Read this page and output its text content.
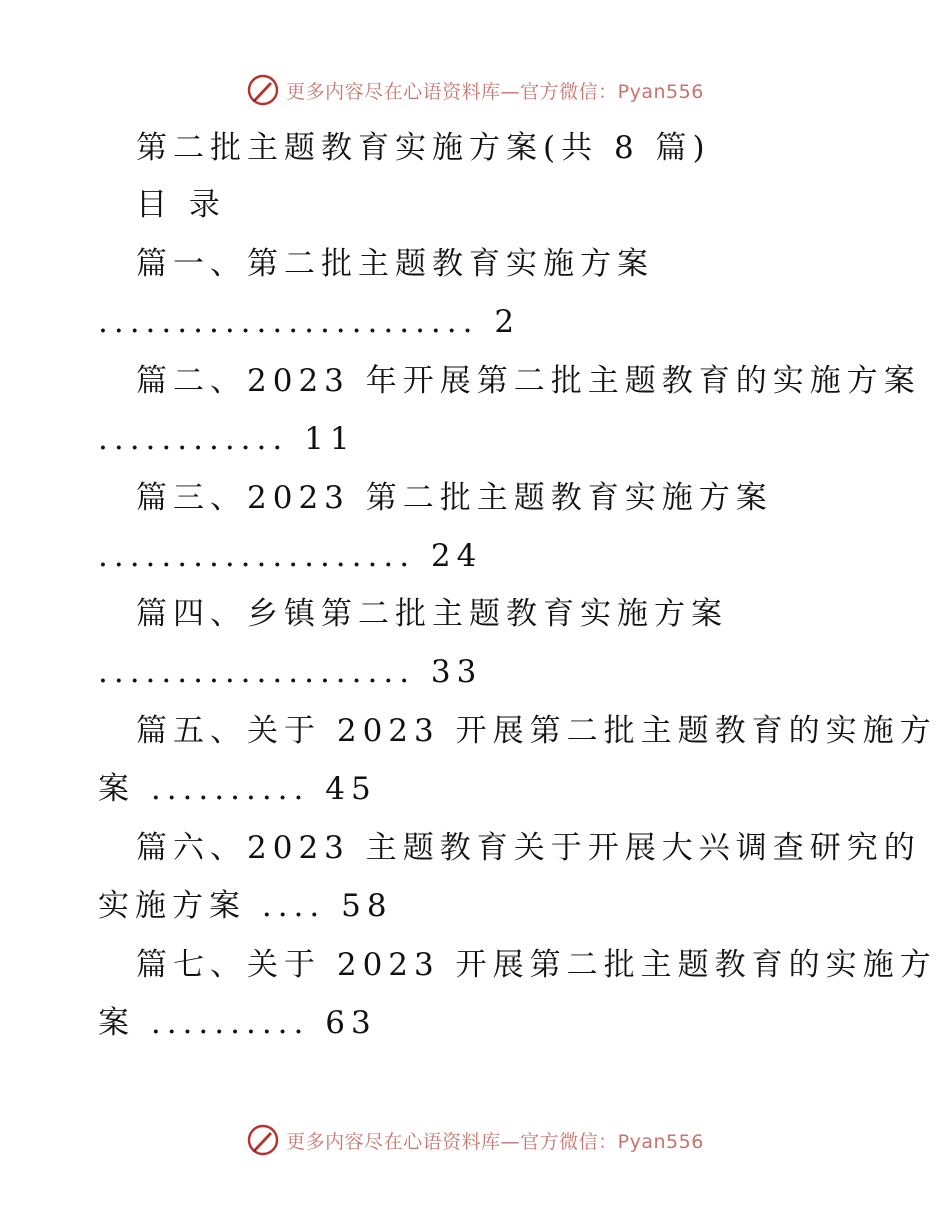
更多内容尽在心语资料库—官方微信：Pyan556
第二批主题教育实施方案(共 8 篇)
目 录
篇一、第二批主题教育实施方案
........................ 2
篇二、2023 年开展第二批主题教育的实施方案
............ 11
篇三、2023 第二批主题教育实施方案
.................... 24
篇四、乡镇第二批主题教育实施方案
.................... 33
篇五、关于 2023 开展第二批主题教育的实施方
案 .......... 45
篇六、2023 主题教育关于开展大兴调查研究的
实施方案 .... 58
篇七、关于 2023 开展第二批主题教育的实施方
案 .......... 63
更多内容尽在心语资料库—官方微信：Pyan556
